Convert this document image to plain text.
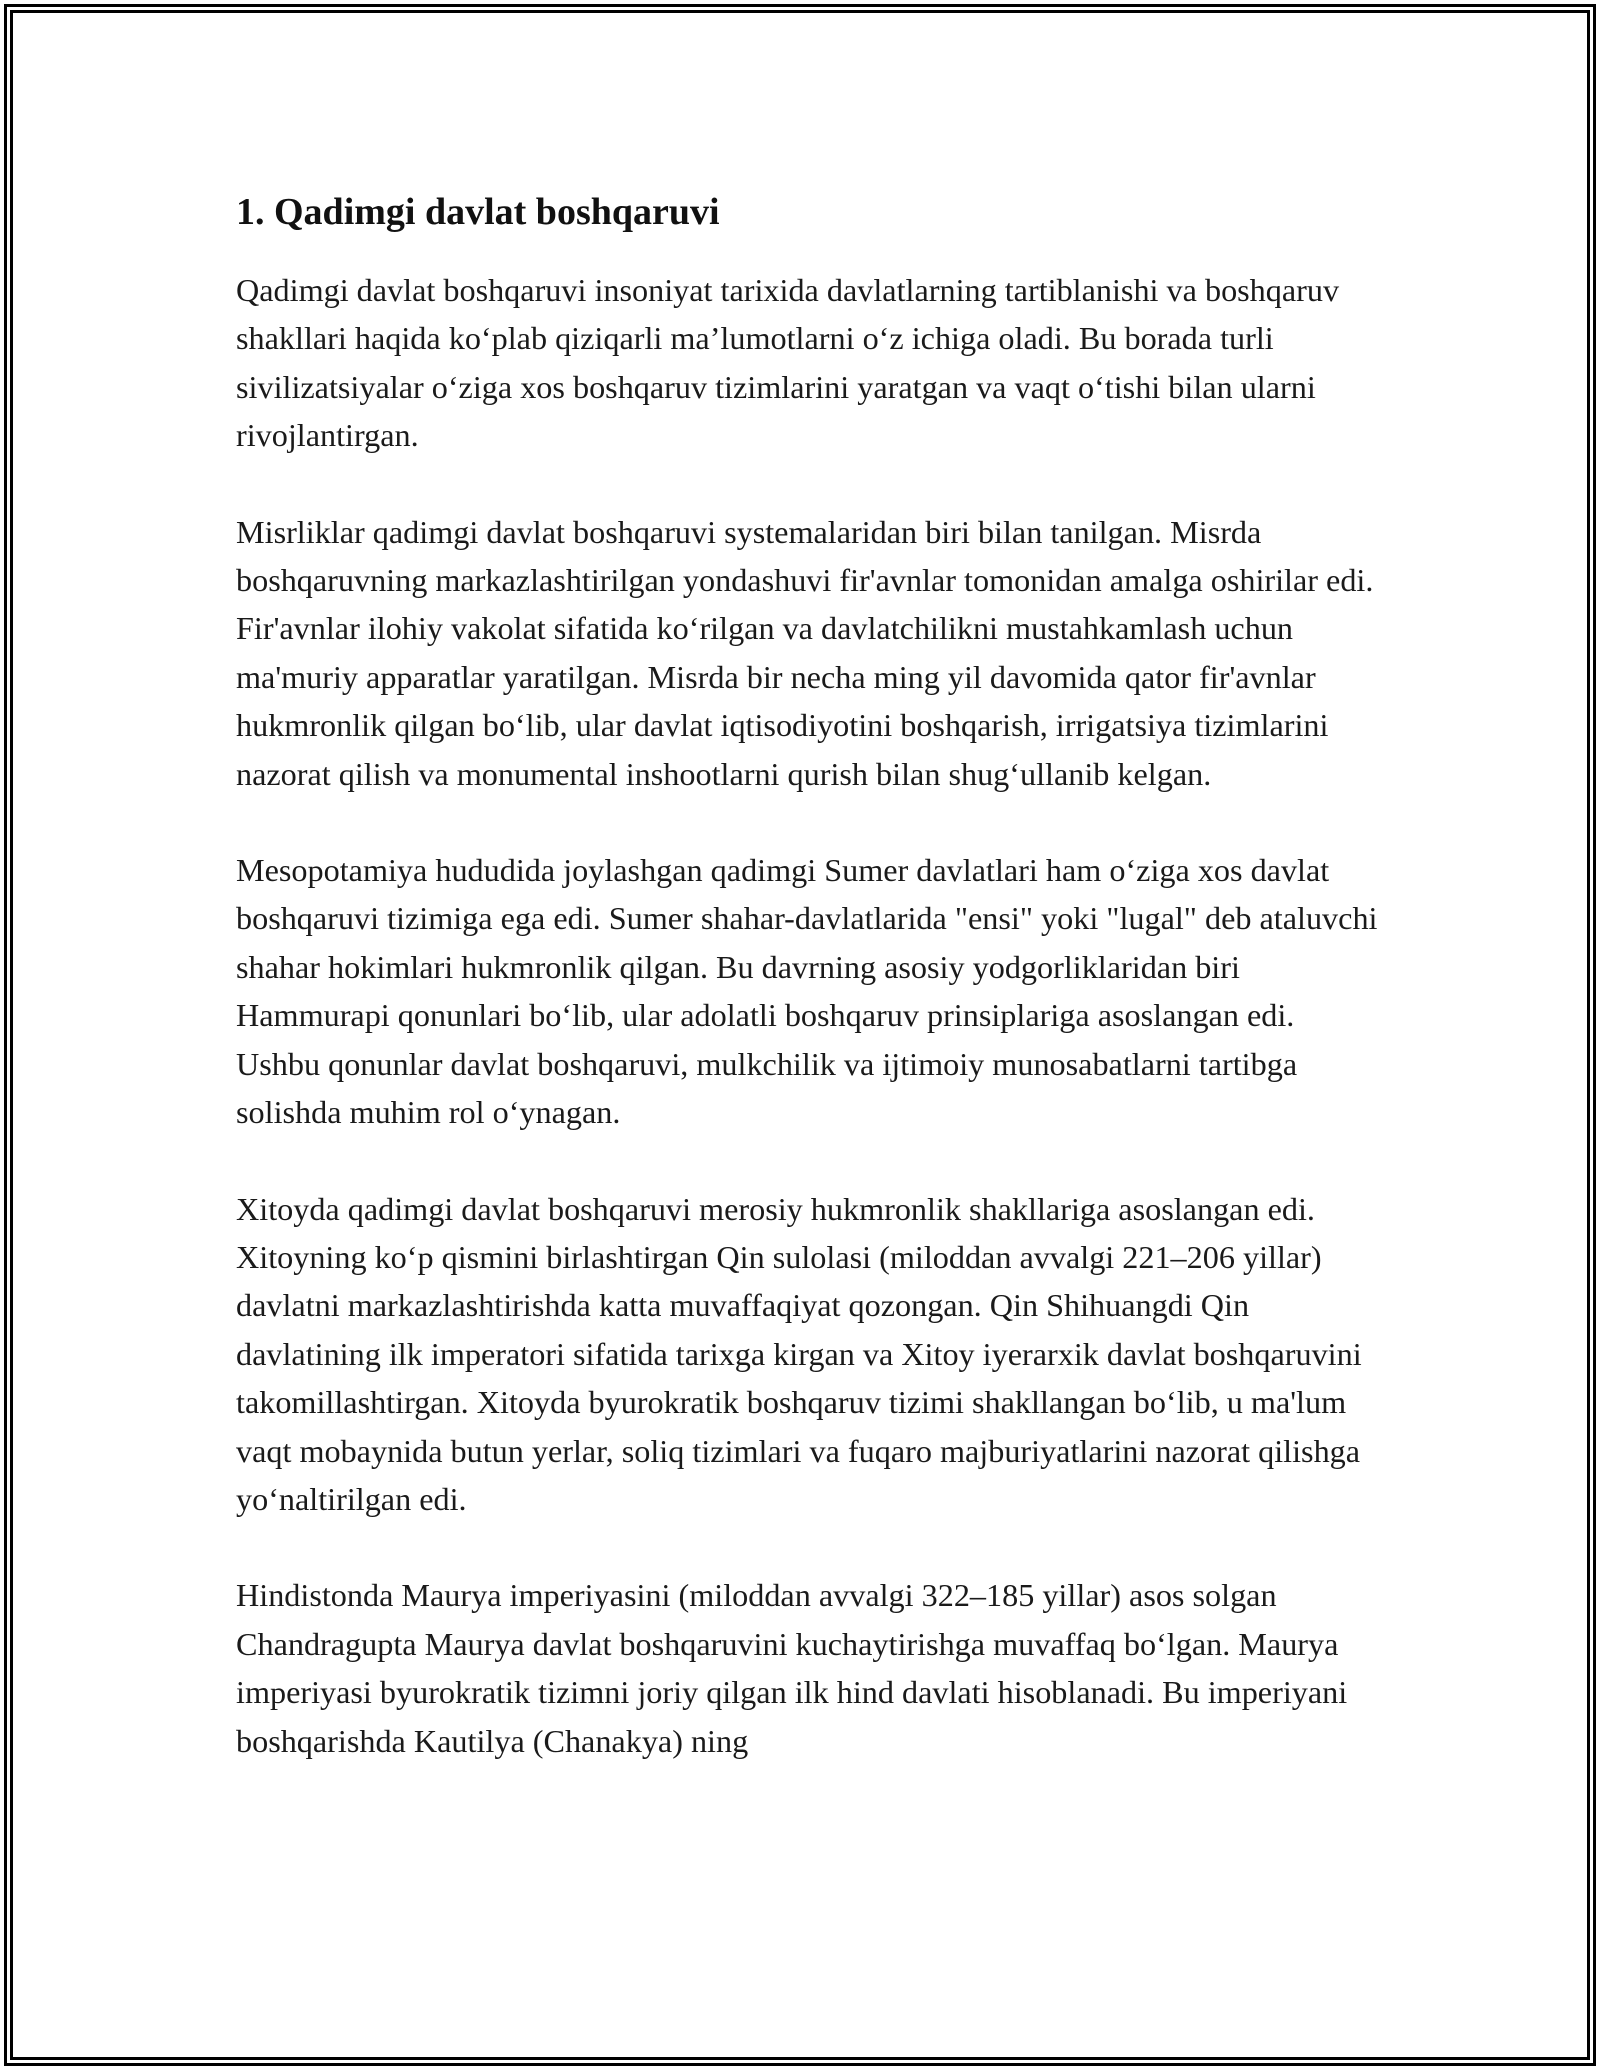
1. Qadimgi davlat boshqaruvi

Qadimgi davlat boshqaruvi insoniyat tarixida davlatlarning tartiblanishi va boshqaruv shakllari haqida ko‘plab qiziqarli ma’lumotlarni o‘z ichiga oladi. Bu borada turli sivilizatsiyalar o‘ziga xos boshqaruv tizimlarini yaratgan va vaqt o‘tishi bilan ularni rivojlantirgan.

Misrliklar qadimgi davlat boshqaruvi systemalaridan biri bilan tanilgan. Misrda boshqaruvning markazlashtirilgan yondashuvi fir'avnlar tomonidan amalga oshirilar edi. Fir'avnlar ilohiy vakolat sifatida ko‘rilgan va davlatchilikni mustahkamlash uchun ma'muriy apparatlar yaratilgan. Misrda bir necha ming yil davomida qator fir'avnlar hukmronlik qilgan bo‘lib, ular davlat iqtisodiyotini boshqarish, irrigatsiya tizimlarini nazorat qilish va monumental inshootlarni qurish bilan shug‘ullanib kelgan.

Mesopotamiya hududida joylashgan qadimgi Sumer davlatlari ham o‘ziga xos davlat boshqaruvi tizimiga ega edi. Sumer shahar-davlatlarida "ensi" yoki "lugal" deb ataluvchi shahar hokimlari hukmronlik qilgan. Bu davrning asosiy yodgorliklaridan biri Hammurapi qonunlari bo‘lib, ular adolatli boshqaruv prinsiplariga asoslangan edi. Ushbu qonunlar davlat boshqaruvi, mulkchilik va ijtimoiy munosabatlarni tartibga solishda muhim rol o‘ynagan.

Xitoyda qadimgi davlat boshqaruvi merosiy hukmronlik shakllariga asoslangan edi. Xitoyning ko‘p qismini birlashtirgan Qin sulolasi (miloddan avvalgi 221–206 yillar) davlatni markazlashtirishda katta muvaffaqiyat qozongan. Qin Shihuangdi Qin davlatining ilk imperatori sifatida tarixga kirgan va Xitoy iyerarxik davlat boshqaruvini takomillashtirgan. Xitoyda byurokratik boshqaruv tizimi shakllangan bo‘lib, u ma'lum vaqt mobaynida butun yerlar, soliq tizimlari va fuqaro majburiyatlarini nazorat qilishga yo‘naltirilgan edi.

Hindistonda Maurya imperiyasini (miloddan avvalgi 322–185 yillar) asos solgan Chandragupta Maurya davlat boshqaruvini kuchaytirishga muvaffaq bo‘lgan. Maurya imperiyasi byurokratik tizimni joriy qilgan ilk hind davlati hisoblanadi. Bu imperiyani boshqarishda Kautilya (Chanakya) ning
